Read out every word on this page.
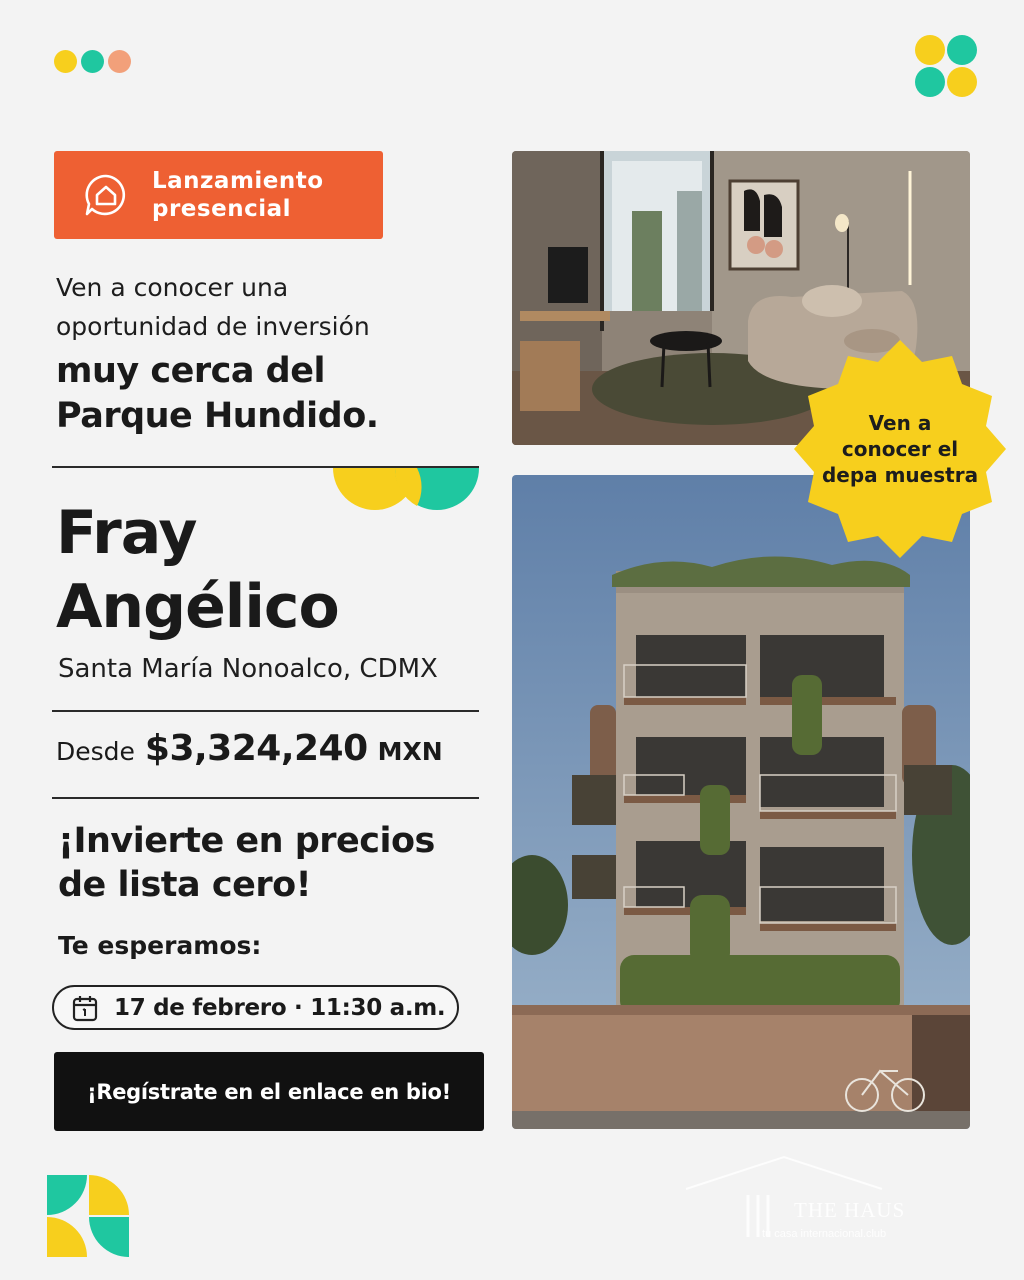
Lanzamiento
presencial
Ven a conocer una
oportunidad de inversión
muy cerca del
Parque Hundido.
Fray
Angélico
Santa María Nonoalco, CDMX
Desde $3,324,240 MXN
¡Invierte en precios
de lista cero!
Te esperamos:
17 de febrero · 11:30 a.m.
¡Regístrate en el enlace en bio!
Ven a
conocer el
depa muestra
THE HAUS
tu casa internacional.club
